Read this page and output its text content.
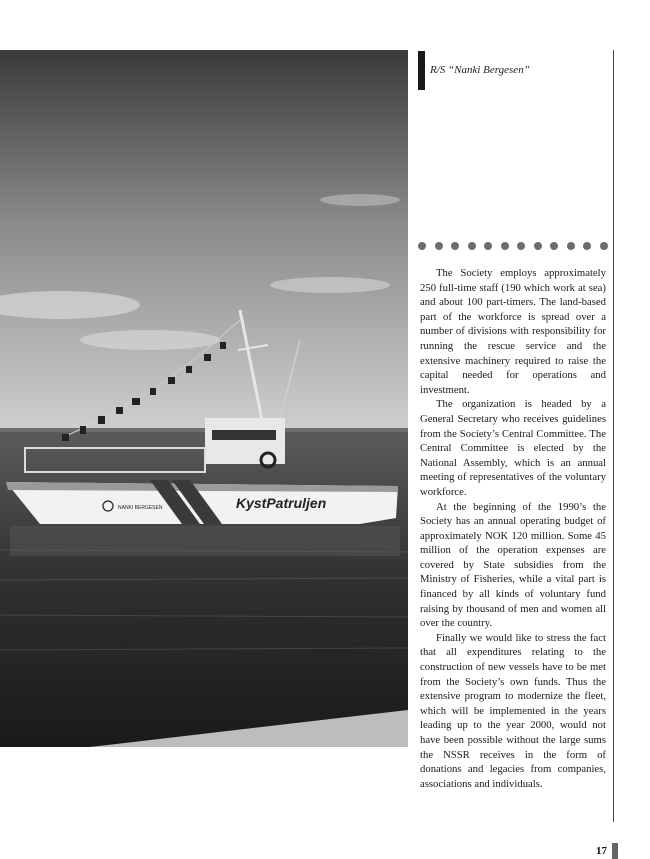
KystPatruljen
NANKI BERGESEN
R/S “Nanki Bergesen”

The Society employs approximately 250 full-time staff (190 which work at sea) and about 100 part-timers. The land-based part of the workforce is spread over a number of divisions with responsibility for running the rescue service and the extensive machinery required to raise the capital needed for operations and investment.

The organization is headed by a General Secretary who receives guidelines from the Society’s Central Committee. The Central Committee is elected by the National Assembly, which is an annual meeting of representatives of the voluntary workforce.

At the beginning of the 1990’s the Society has an annual operating budget of approximately NOK 120 million. Some 45 million of the operation expenses are covered by State subsidies from the Ministry of Fisheries, while a vital part is financed by all kinds of voluntary fund raising by thousand of men and women all over the country.

Finally we would like to stress the fact that all expenditures relating to the construction of new vessels have to be met from the Society’s own funds. Thus the extensive program to modernize the fleet, which will be implemented in the years leading up to the year 2000, would not have been possible without the large sums the NSSR receives in the form of donations and legacies from companies, associations and individuals.

17
